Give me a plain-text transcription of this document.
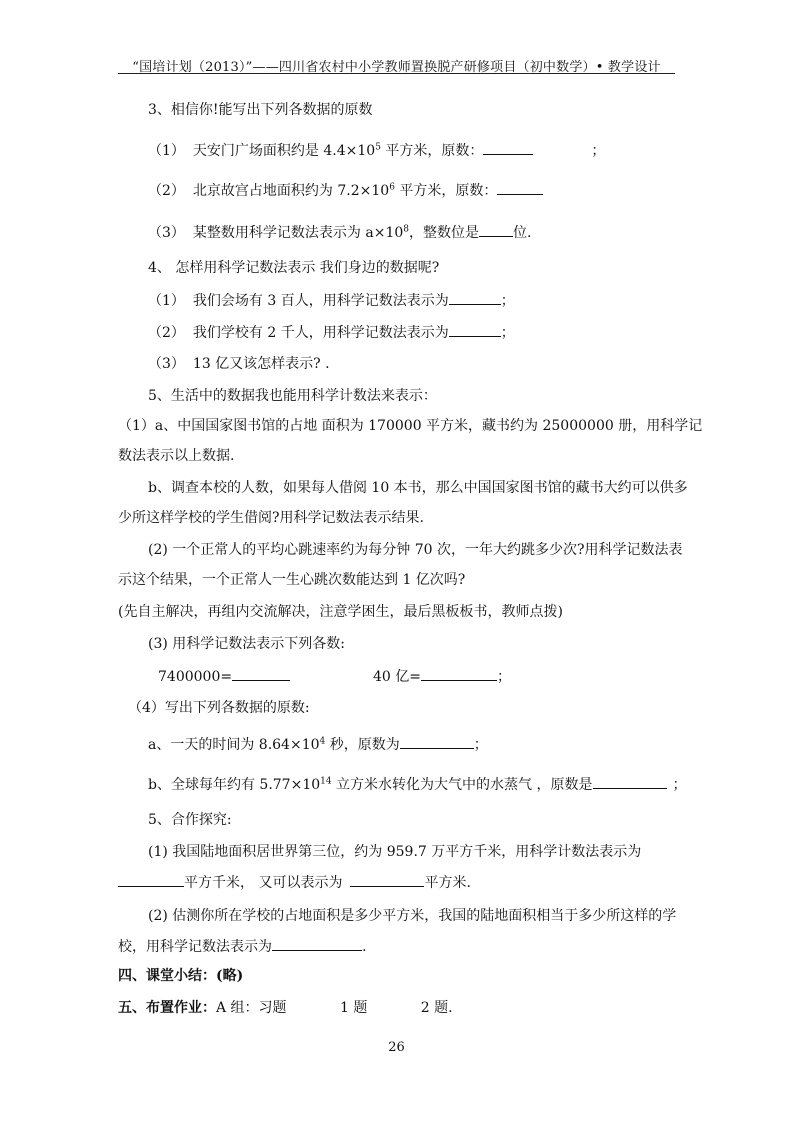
“国培计划（2013）”——四川省农村中小学教师置换脱产研修项目（初中数学）• 教学设计
3、相信你!能写出下列各数据的原数
（1） 天安门广场面积约是 $4.4\times 10^5$ 平方米，原数：	；
（2） 北京故宫占地面积约为 $7.2\times 10^6$ 平方米，原数：
（3） 某整数用科学记数法表示为 $a\times 10^8$，整数位是 位.
4、 怎样用科学记数法表示 我们身边的数据呢?
（1） 我们会场有 3 百人，用科学记数法表示为	；
（2） 我们学校有 2 千人，用科学记数法表示为	；
（3） 13 亿又该怎样表示? .
5、生活中的数据我也能用科学计数法来表示：
（1）a、中国国家图书馆的占地 面积为 170000 平方米，藏书约为 25000000 册，用科学记
数法表示以上数据.
b、调查本校的人数，如果每人借阅 10 本书，那么中国国家图书馆的藏书大约可以供多
少所这样学校的学生借阅?用科学记数法表示结果.
(2) 一个正常人的平均心跳速率约为每分钟 70 次，一年大约跳多少次?用科学记数法表
示这个结果，一个正常人一生心跳次数能达到 1 亿次吗?
(先自主解决，再组内交流解决，注意学困生，最后黑板板书，教师点拨)
(3) 用科学记数法表示下列各数:
7400000=	40 亿=	；
（4）写出下列各数据的原数:
a、一天的时间为 $8.64\times 10^4$ 秒，原数为	；
b、全球每年约有 $5.77\times 10^{14}$ 立方米水转化为大气中的水蒸气 ，原数是	；
5、合作探究:
(1) 我国陆地面积居世界第三位，约为 959.7 万平方千米，用科学计数法表示为
平方千米， 又可以表示为	平方米.
(2) 估测你所在学校的占地面积是多少平方米，我国的陆地面积相当于多少所这样的学
校，用科学记数法表示为	.
四、课堂小结：(略)
五、布置作业：A 组：习题            1 题            2 题.
26
